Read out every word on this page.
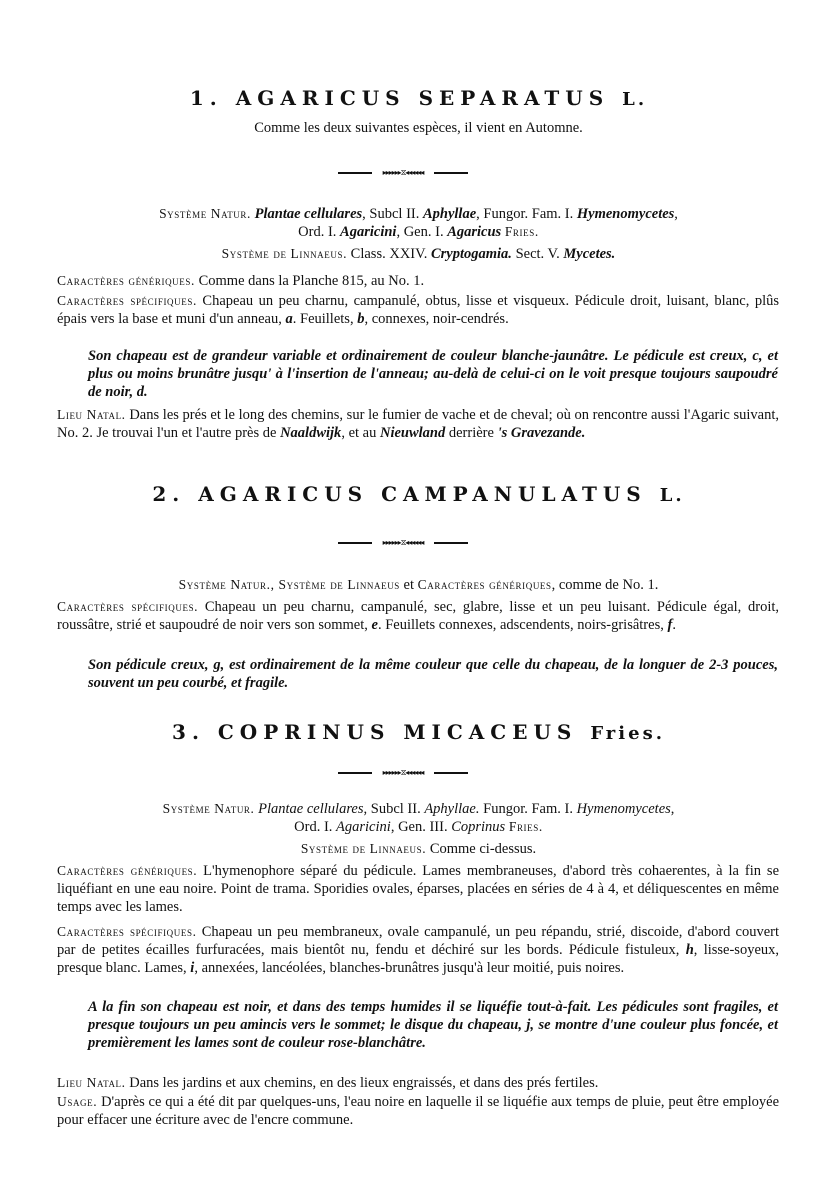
1. AGARICUS SEPARATUS L.

Comme les deux suivantes espèces, il vient en Automne.

▸▸▸▸▸▸⧖◂◂◂◂◂◂

Système Natur. Plantae cellulares, Subcl II. Aphyllae, Fungor. Fam. I. Hymenomycetes,

Ord. I. Agaricini, Gen. I. Agaricus Fries.

Système de Linnaeus. Class. XXIV. Cryptogamia. Sect. V. Mycetes.

Caractères génériques. Comme dans la Planche 815, au No. 1.

Caractères spécifiques. Chapeau un peu charnu, campanulé, obtus, lisse et visqueux. Pédicule droit, luisant, blanc, plûs épais vers la base et muni d'un anneau, a. Feuillets, b, connexes, noir-cendrés.

Son chapeau est de grandeur variable et ordinairement de couleur blanche-jaunâtre. Le pédicule est creux, c, et plus ou moins brunâtre jusqu' à l'insertion de l'anneau; au-delà de celui-ci on le voit presque toujours saupoudré de noir, d.

Lieu Natal. Dans les prés et le long des chemins, sur le fumier de vache et de cheval; où on rencontre aussi l'Agaric suivant, No. 2. Je trouvai l'un et l'autre près de Naaldwijk, et au Nieuwland derrière 's Gravezande.

2. AGARICUS CAMPANULATUS L.
▸▸▸▸▸▸⧖◂◂◂◂◂◂

Système Natur., Système de Linnaeus et Caractères génériques, comme de No. 1.

Caractères spécifiques. Chapeau un peu charnu, campanulé, sec, glabre, lisse et un peu luisant. Pédicule égal, droit, roussâtre, strié et saupoudré de noir vers son sommet, e. Feuillets connexes, adscendents, noirs-grisâtres, f.

Son pédicule creux, g, est ordinairement de la même couleur que celle du chapeau, de la longuer de 2-3 pouces, souvent un peu courbé, et fragile.

3. COPRINUS MICACEUS Fries.
▸▸▸▸▸▸⧖◂◂◂◂◂◂

Système Natur. Plantae cellulares, Subcl II. Aphyllae. Fungor. Fam. I. Hymenomycetes,

Ord. I. Agaricini, Gen. III. Coprinus Fries.

Système de Linnaeus. Comme ci-dessus.

Caractères génériques. L'hymenophore séparé du pédicule. Lames membraneuses, d'abord très cohaerentes, à la fin se liquéfiant en une eau noire. Point de trama. Sporidies ovales, éparses, placées en séries de 4 à 4, et déliquescentes en même temps avec les lames.

Caractères spécifiques. Chapeau un peu membraneux, ovale campanulé, un peu répandu, strié, discoide, d'abord couvert par de petites écailles furfuracées, mais bientôt nu, fendu et déchiré sur les bords. Pédicule fistuleux, h, lisse-soyeux, presque blanc. Lames, i, annexées, lancéolées, blanches-brunâtres jusqu'à leur moitié, puis noires.

A la fin son chapeau est noir, et dans des temps humides il se liquéfie tout-à-fait. Les pédicules sont fragiles, et presque toujours un peu amincis vers le sommet; le disque du chapeau, j, se montre d'une couleur plus foncée, et premièrement les lames sont de couleur rose-blanchâtre.

Lieu Natal. Dans les jardins et aux chemins, en des lieux engraissés, et dans des prés fertiles.

Usage. D'après ce qui a été dit par quelques-uns, l'eau noire en laquelle il se liquéfie aux temps de pluie, peut être employée pour effacer une écriture avec de l'encre commune.
